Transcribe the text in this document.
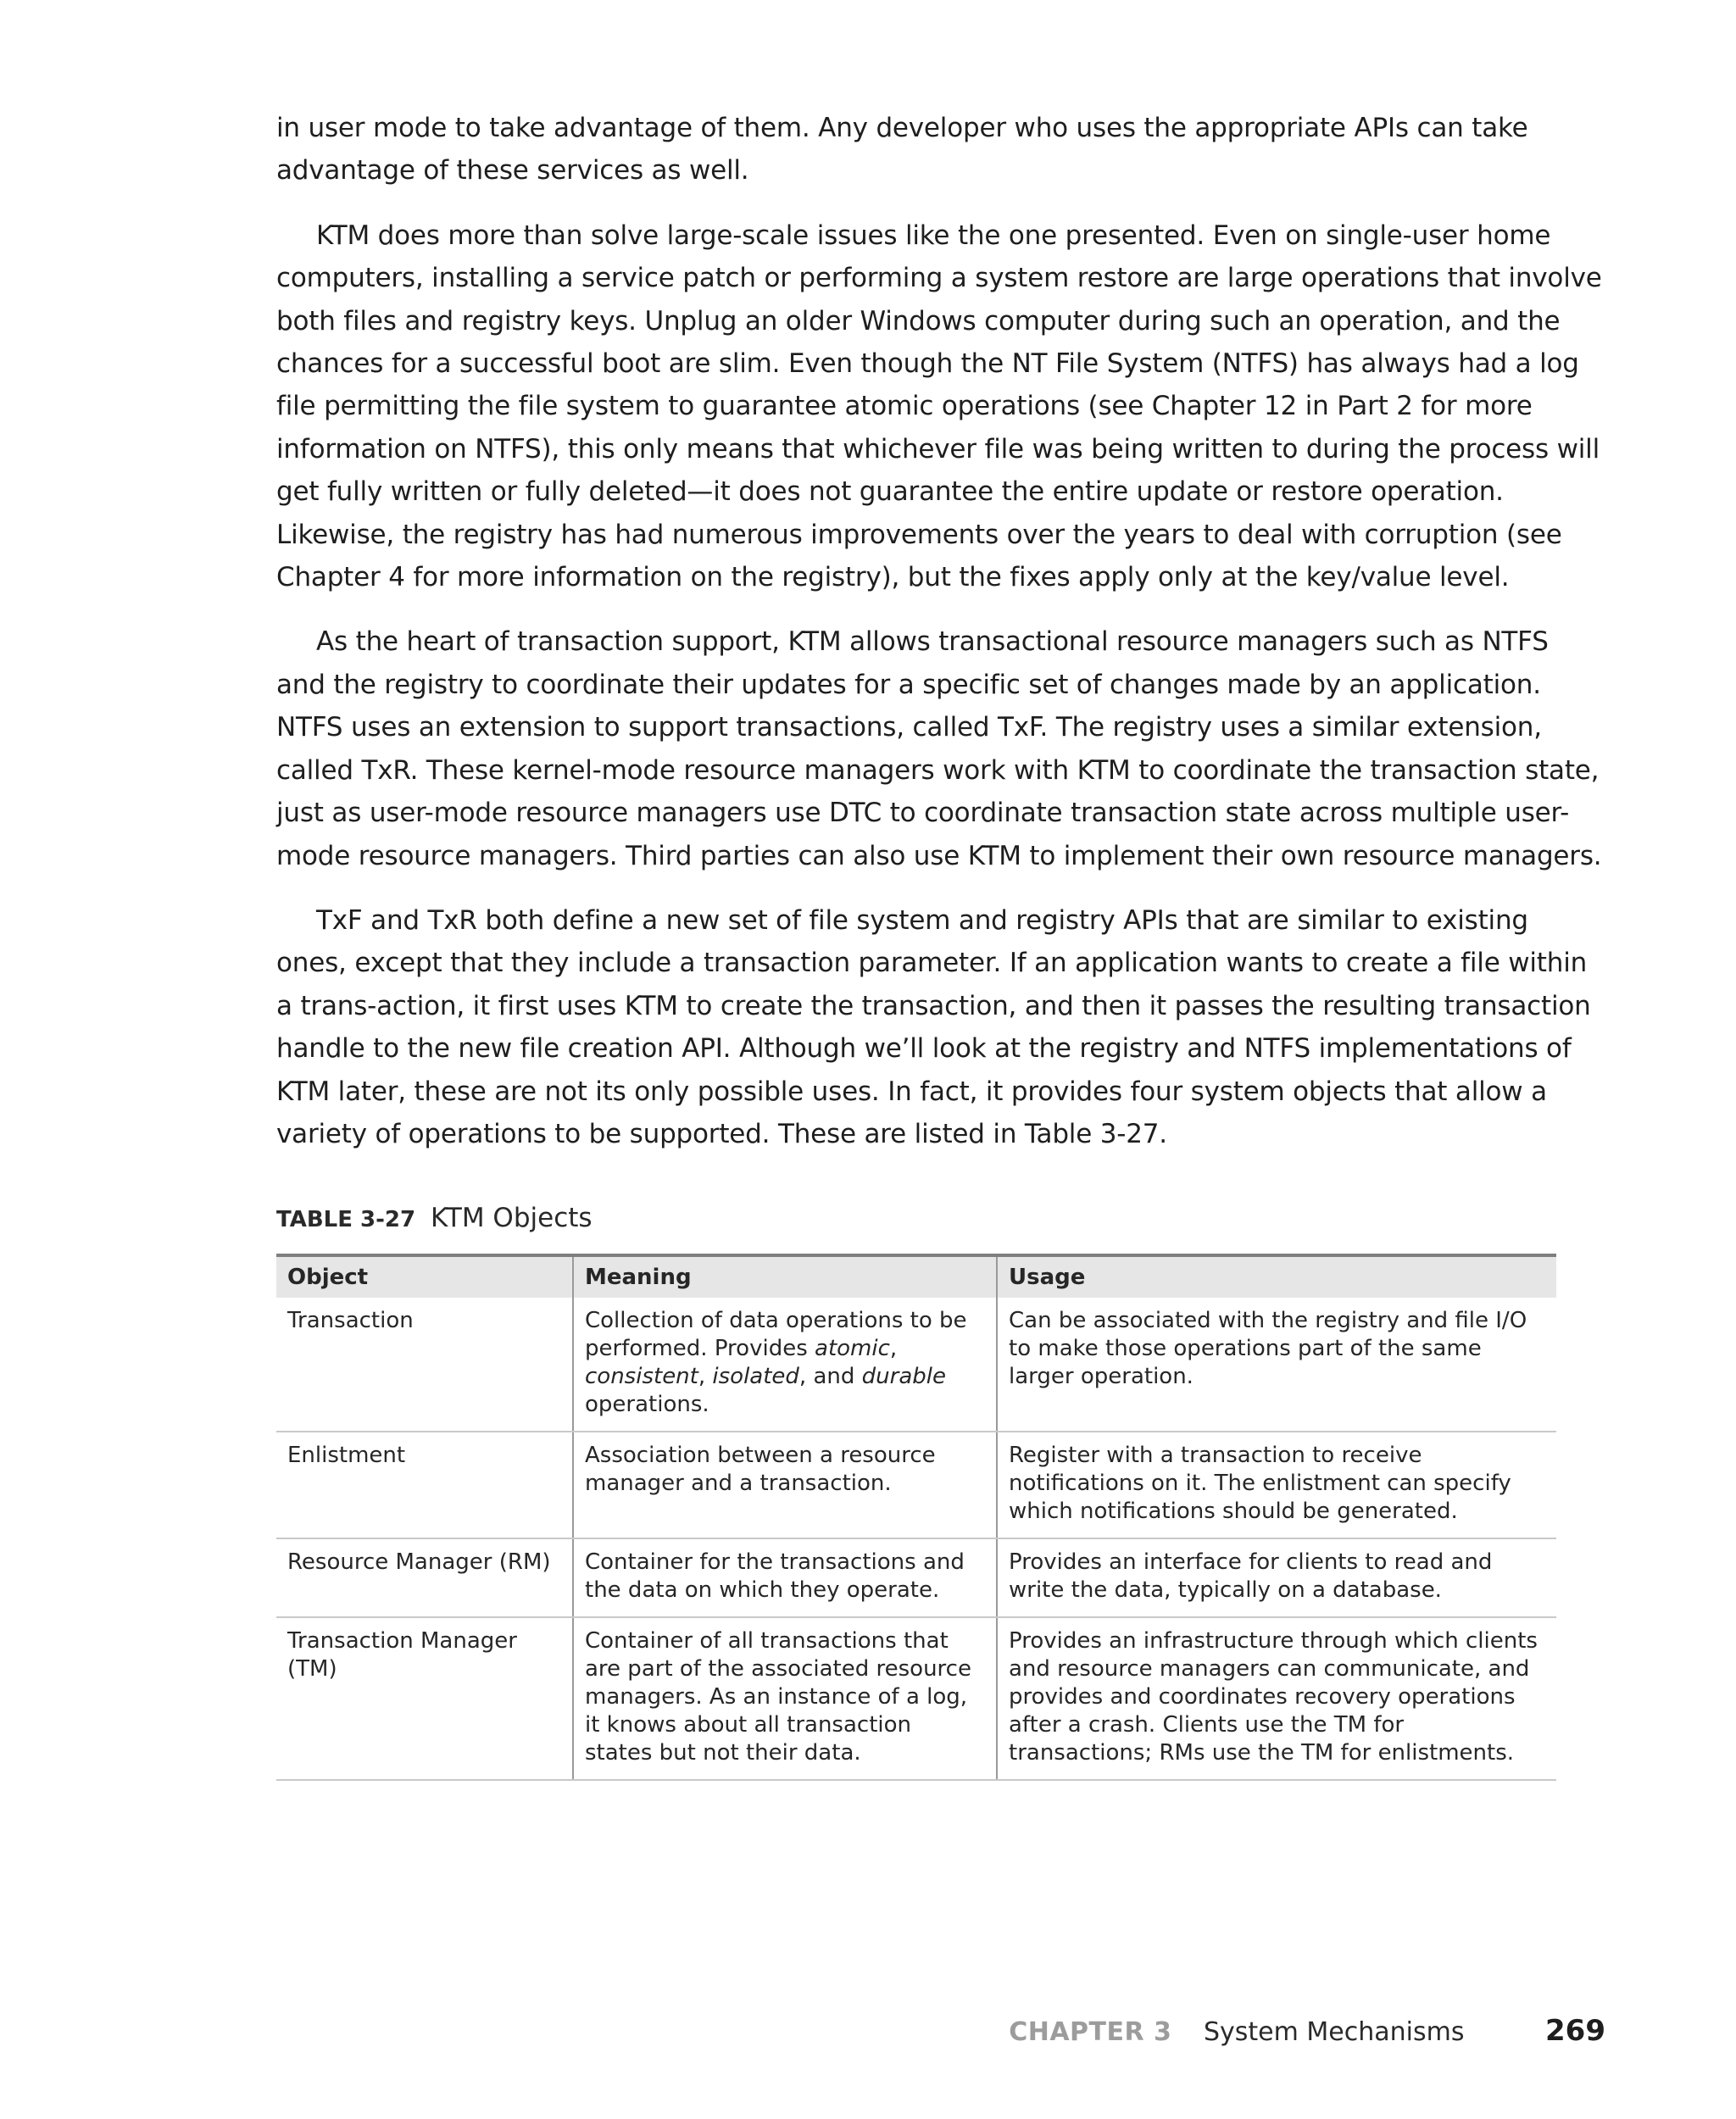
in user mode to take advantage of them. Any developer who uses the appropriate APIs can take advantage of these services as well.

KTM does more than solve large-scale issues like the one presented. Even on single-user home computers, installing a service patch or performing a system restore are large operations that involve both files and registry keys. Unplug an older Windows computer during such an operation, and the chances for a successful boot are slim. Even though the NT File System (NTFS) has always had a log file permitting the file system to guarantee atomic operations (see Chapter 12 in Part 2 for more information on NTFS), this only means that whichever file was being written to during the process will get fully written or fully deleted—it does not guarantee the entire update or restore operation. Likewise, the registry has had numerous improvements over the years to deal with corruption (see Chapter 4 for more information on the registry), but the fixes apply only at the key/value level.

As the heart of transaction support, KTM allows transactional resource managers such as NTFS and the registry to coordinate their updates for a specific set of changes made by an application. NTFS uses an extension to support transactions, called TxF. The registry uses a similar extension, called TxR. These kernel-mode resource managers work with KTM to coordinate the transaction state, just as user-mode resource managers use DTC to coordinate transaction state across multiple user-mode resource managers. Third parties can also use KTM to implement their own resource managers.

TxF and TxR both define a new set of file system and registry APIs that are similar to existing ones, except that they include a transaction parameter. If an application wants to create a file within a trans-action, it first uses KTM to create the transaction, and then it passes the resulting transaction handle to the new file creation API. Although we’ll look at the registry and NTFS implementations of KTM later, these are not its only possible uses. In fact, it provides four system objects that allow a variety of operations to be supported. These are listed in Table 3-27.

TABLE 3-27 KTM Objects
Object	Meaning	Usage
Transaction	Collection of data operations to be performed. Provides atomic, consistent, isolated, and durable operations.	Can be associated with the registry and file I/O to make those operations part of the same larger operation.
Enlistment	Association between a resource manager and a transaction.	Register with a transaction to receive notifications on it. The enlistment can specify which notifications should be generated.
Resource Manager (RM)	Container for the transactions and the data on which they operate.	Provides an interface for clients to read and write the data, typically on a database.
Transaction Manager (TM)	Container of all transactions that are part of the associated resource managers. As an instance of a log, it knows about all transaction states but not their data.	Provides an infrastructure through which clients and resource managers can communicate, and provides and coordinates recovery operations after a crash. Clients use the TM for transactions; RMs use the TM for enlistments.
CHAPTER 3 System Mechanisms	269
